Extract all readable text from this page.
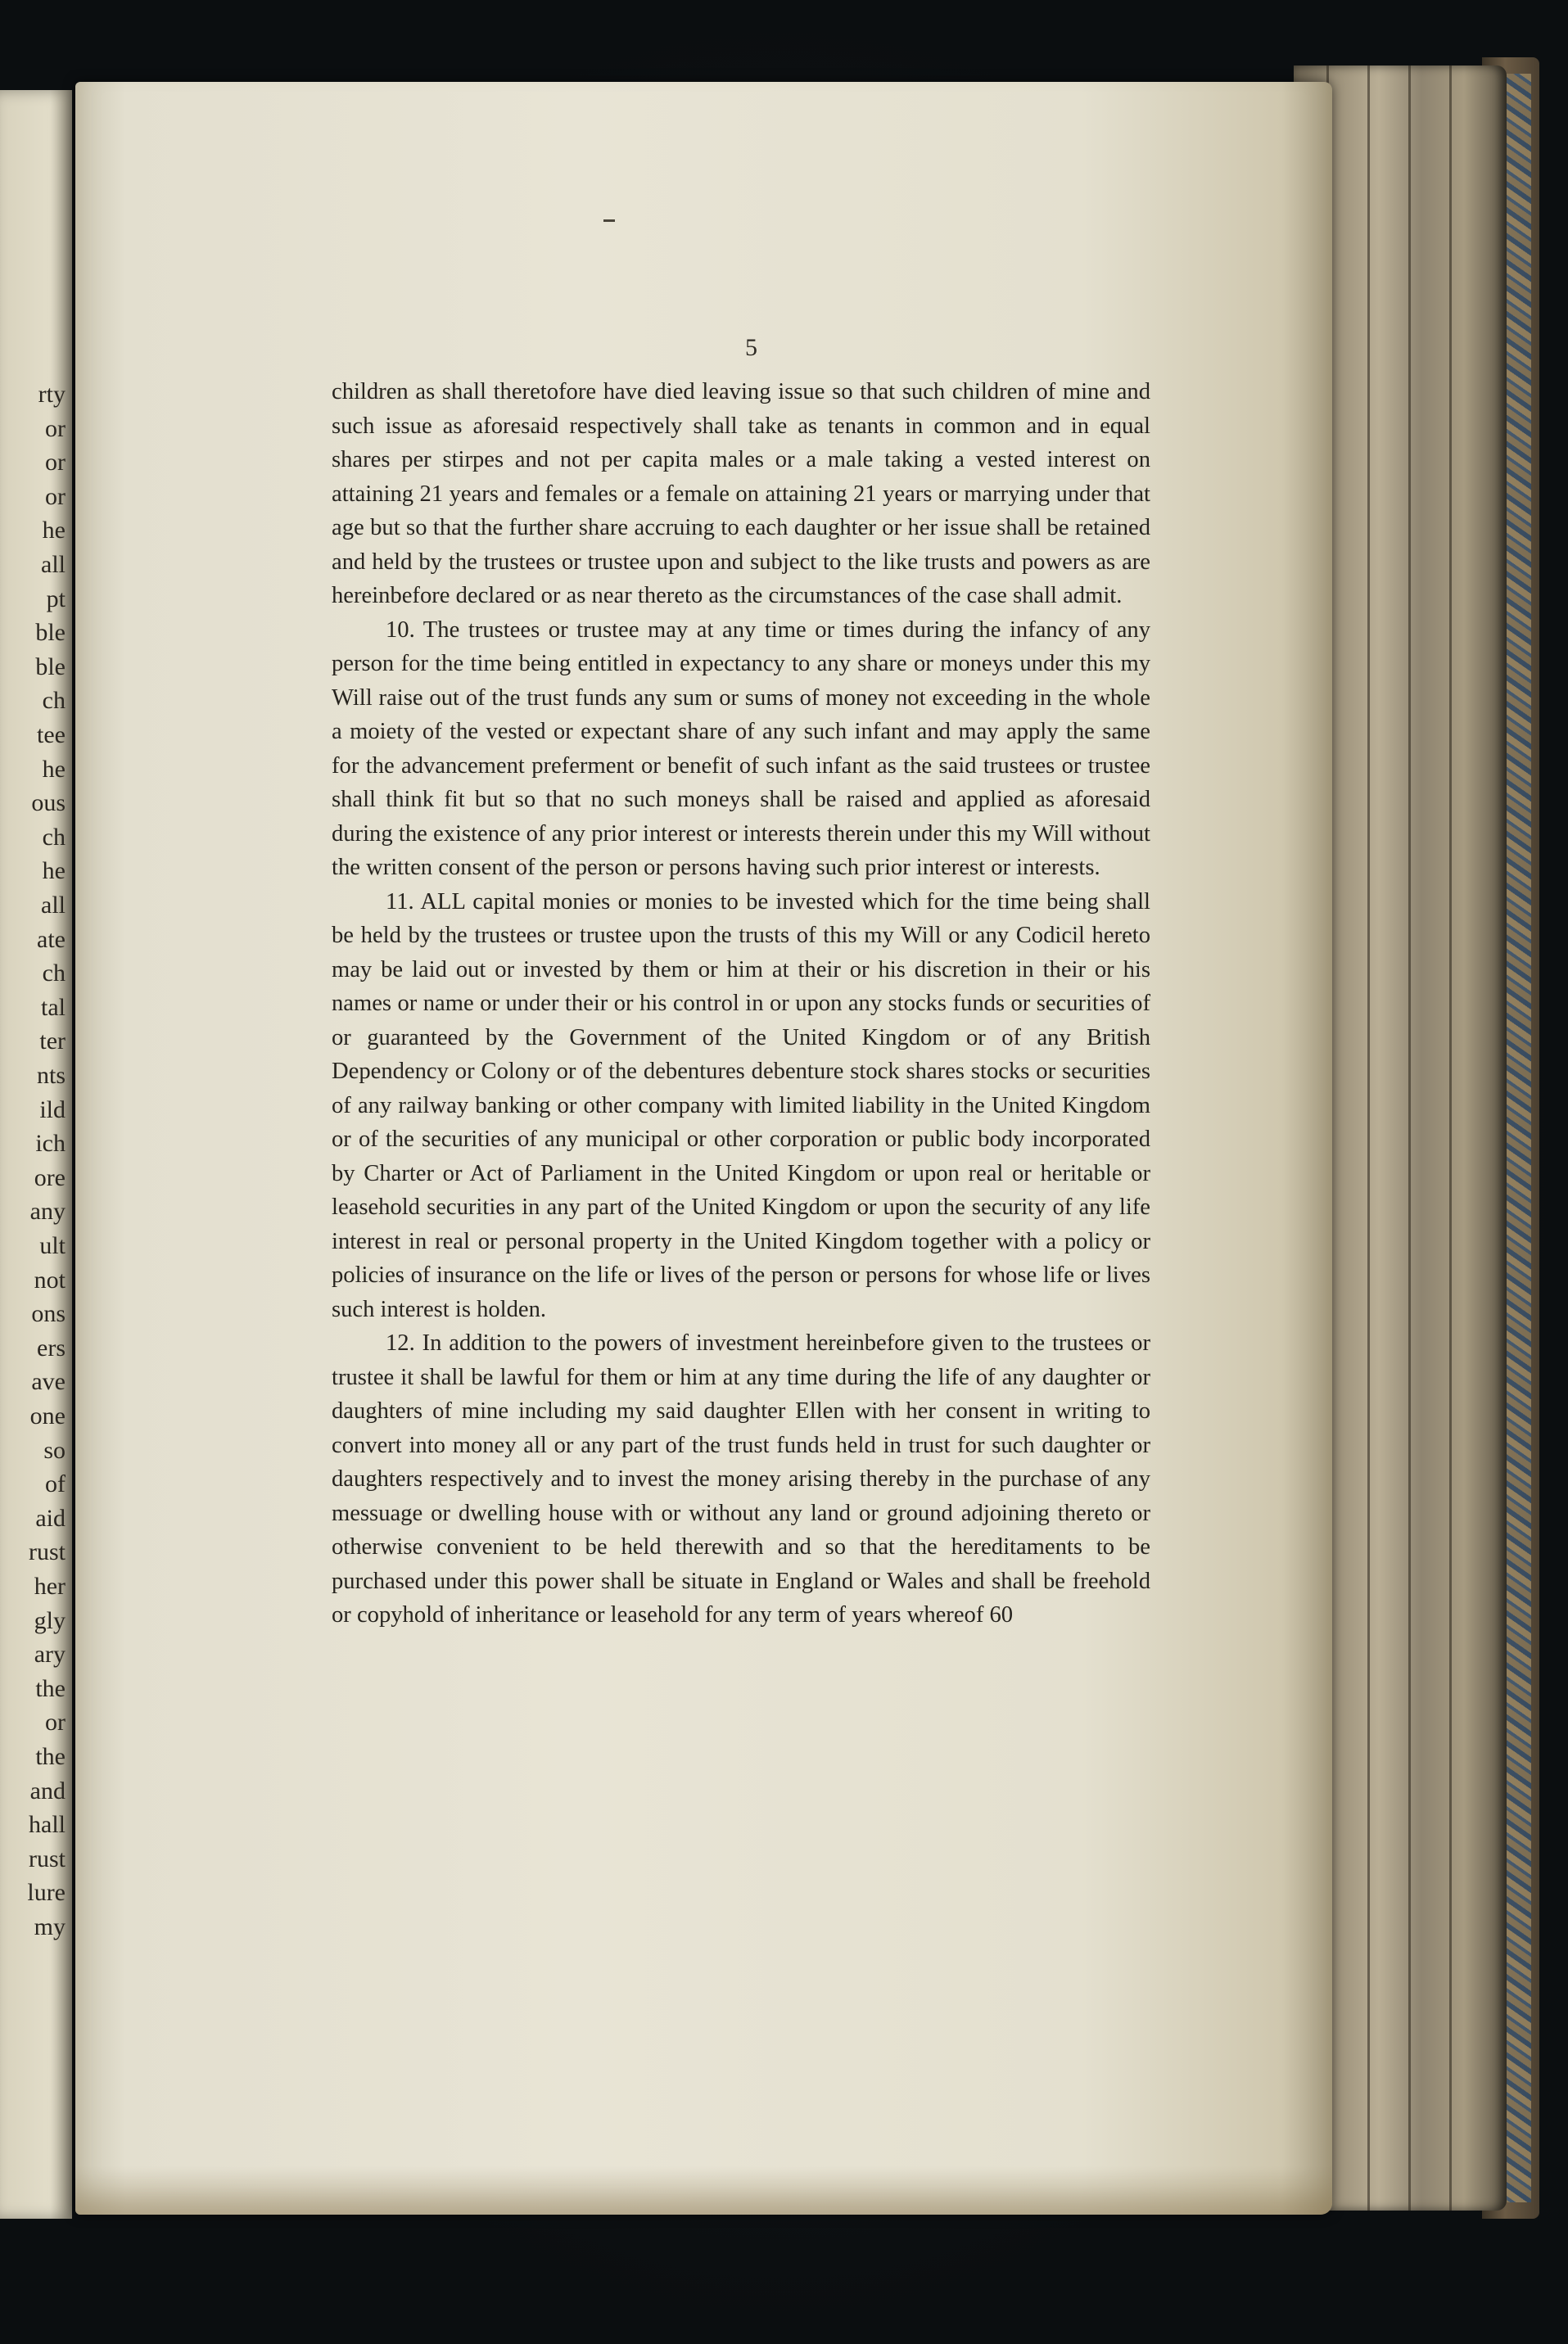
rty
or
or
or
he
all
pt
ble
ble
ch
tee
he
ous
ch
he
all
ate
ch
tal
ter
nts
ild
ich
ore
any
ult
not
ons
ers
ave
one
so
of
aid
rust
her
gly
ary
the
or
the
and
hall
rust
lure
my
5

children as shall theretofore have died leaving issue so that such children of mine and such issue as aforesaid respectively shall take as tenants in common and in equal shares per stirpes and not per capita males or a male taking a vested interest on attaining 21 years and females or a female on attaining 21 years or marrying under that age but so that the further share accruing to each daughter or her issue shall be retained and held by the trustees or trustee upon and subject to the like trusts and powers as are hereinbefore declared or as near thereto as the circumstances of the case shall admit.

10. The trustees or trustee may at any time or times during the infancy of any person for the time being entitled in expectancy to any share or moneys under this my Will raise out of the trust funds any sum or sums of money not exceeding in the whole a moiety of the vested or expectant share of any such infant and may apply the same for the advancement preferment or benefit of such infant as the said trustees or trustee shall think fit but so that no such moneys shall be raised and applied as aforesaid during the existence of any prior interest or interests therein under this my Will without the written consent of the person or persons having such prior interest or interests.

11. ALL capital monies or monies to be invested which for the time being shall be held by the trustees or trustee upon the trusts of this my Will or any Codicil hereto may be laid out or invested by them or him at their or his discretion in their or his names or name or under their or his control in or upon any stocks funds or securities of or guaranteed by the Government of the United Kingdom or of any British Dependency or Colony or of the debentures debenture stock shares stocks or securities of any railway banking or other company with limited liability in the United Kingdom or of the securities of any municipal or other corporation or public body incorporated by Charter or Act of Parliament in the United Kingdom or upon real or heritable or leasehold securities in any part of the United Kingdom or upon the security of any life interest in real or personal property in the United Kingdom together with a policy or policies of insurance on the life or lives of the person or persons for whose life or lives such interest is holden.

12. In addition to the powers of investment hereinbefore given to the trustees or trustee it shall be lawful for them or him at any time during the life of any daughter or daughters of mine including my said daughter Ellen with her consent in writing to convert into money all or any part of the trust funds held in trust for such daughter or daughters respectively and to invest the money arising thereby in the purchase of any messuage or dwelling house with or without any land or ground adjoining thereto or otherwise convenient to be held therewith and so that the hereditaments to be purchased under this power shall be situate in England or Wales and shall be freehold or copyhold of inheritance or leasehold for any term of years whereof 60
